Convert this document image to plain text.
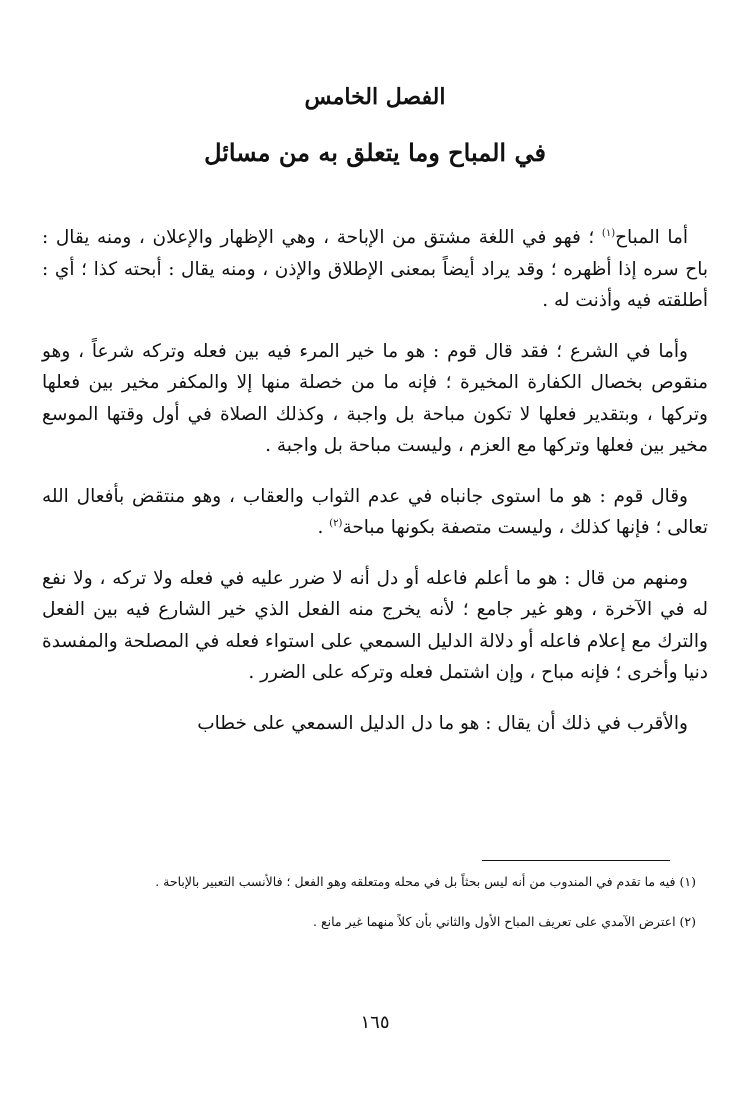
الفصل الخامس
في المباح وما يتعلق به من مسائل

أما المباح$^{(١)}$ ؛ فهو في اللغة مشتق من الإباحة ، وهي الإظهار والإعلان ، ومنه يقال : باح سره إذا أظهره ؛ وقد يراد أيضاً بمعنى الإطلاق والإذن ، ومنه يقال : أبحته كذا ؛ أي : أطلقته فيه وأذنت له .

وأما في الشرع ؛ فقد قال قوم : هو ما خير المرء فيه بين فعله وتركه شرعاً ، وهو منقوص بخصال الكفارة المخيرة ؛ فإنه ما من خصلة منها إلا والمكفر مخير بين فعلها وتركها ، وبتقدير فعلها لا تكون مباحة بل واجبة ، وكذلك الصلاة في أول وقتها الموسع مخير بين فعلها وتركها مع العزم ، وليست مباحة بل واجبة .

وقال قوم : هو ما استوى جانباه في عدم الثواب والعقاب ، وهو منتقض بأفعال الله تعالى ؛ فإنها كذلك ، وليست متصفة بكونها مباحة$^{(٢)}$ .

ومنهم من قال : هو ما أعلم فاعله أو دل أنه لا ضرر عليه في فعله ولا تركه ، ولا نفع له في الآخرة ، وهو غير جامع ؛ لأنه يخرج منه الفعل الذي خير الشارع فيه بين الفعل والترك مع إعلام فاعله أو دلالة الدليل السمعي على استواء فعله في المصلحة والمفسدة دنيا وأخرى ؛ فإنه مباح ، وإن اشتمل فعله وتركه على الضرر .

والأقرب في ذلك أن يقال : هو ما دل الدليل السمعي على خطاب

(١) فيه ما تقدم في المندوب من أنه ليس بحثاً بل في محله ومتعلقه وهو الفعل ؛ فالأنسب التعبير بالإباحة .

(٢) اعترض الآمدي على تعريف المباح الأول والثاني بأن كلاً منهما غير مانع .

١٦٥
